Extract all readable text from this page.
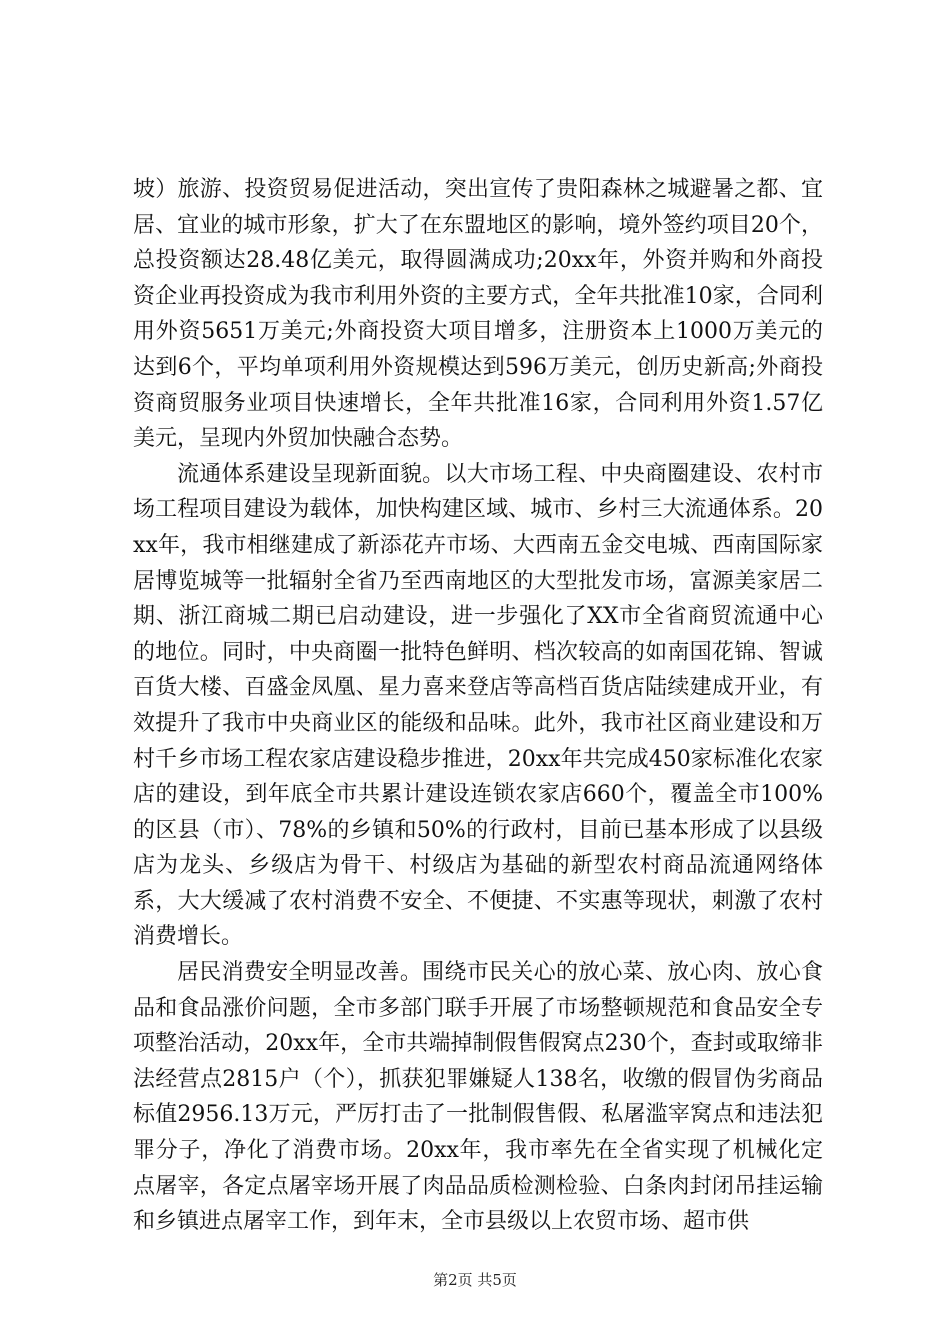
坡）旅游、投资贸易促进活动，突出宣传了贵阳森林之城避暑之都、宜居、宜业的城市形象，扩大了在东盟地区的影响，境外签约项目20个，总投资额达28.48亿美元，取得圆满成功;20xx年，外资并购和外商投资企业再投资成为我市利用外资的主要方式，全年共批准10家，合同利用外资5651万美元;外商投资大项目增多，注册资本上1000万美元的达到6个，平均单项利用外资规模达到596万美元，创历史新高;外商投资商贸服务业项目快速增长，全年共批准16家，合同利用外资1.57亿美元，呈现内外贸加快融合态势。

流通体系建设呈现新面貌。以大市场工程、中央商圈建设、农村市场工程项目建设为载体，加快构建区域、城市、乡村三大流通体系。20xx年，我市相继建成了新添花卉市场、大西南五金交电城、西南国际家居博览城等一批辐射全省乃至西南地区的大型批发市场，富源美家居二期、浙江商城二期已启动建设，进一步强化了XX市全省商贸流通中心的地位。同时，中央商圈一批特色鲜明、档次较高的如南国花锦、智诚百货大楼、百盛金凤凰、星力喜来登店等高档百货店陆续建成开业，有效提升了我市中央商业区的能级和品味。此外，我市社区商业建设和万村千乡市场工程农家店建设稳步推进，20xx年共完成450家标准化农家店的建设，到年底全市共累计建设连锁农家店660个，覆盖全市100%的区县（市）、78%的乡镇和50%的行政村，目前已基本形成了以县级店为龙头、乡级店为骨干、村级店为基础的新型农村商品流通网络体系，大大缓减了农村消费不安全、不便捷、不实惠等现状，刺激了农村消费增长。

居民消费安全明显改善。围绕市民关心的放心菜、放心肉、放心食品和食品涨价问题，全市多部门联手开展了市场整顿规范和食品安全专项整治活动，20xx年，全市共端掉制假售假窝点230个，查封或取缔非法经营点2815户（个），抓获犯罪嫌疑人138名，收缴的假冒伪劣商品标值2956.13万元，严厉打击了一批制假售假、私屠滥宰窝点和违法犯罪分子，净化了消费市场。20xx年，我市率先在全省实现了机械化定点屠宰，各定点屠宰场开展了肉品品质检测检验、白条肉封闭吊挂运输和乡镇进点屠宰工作，到年末，全市县级以上农贸市场、超市供

第2页 共5页
